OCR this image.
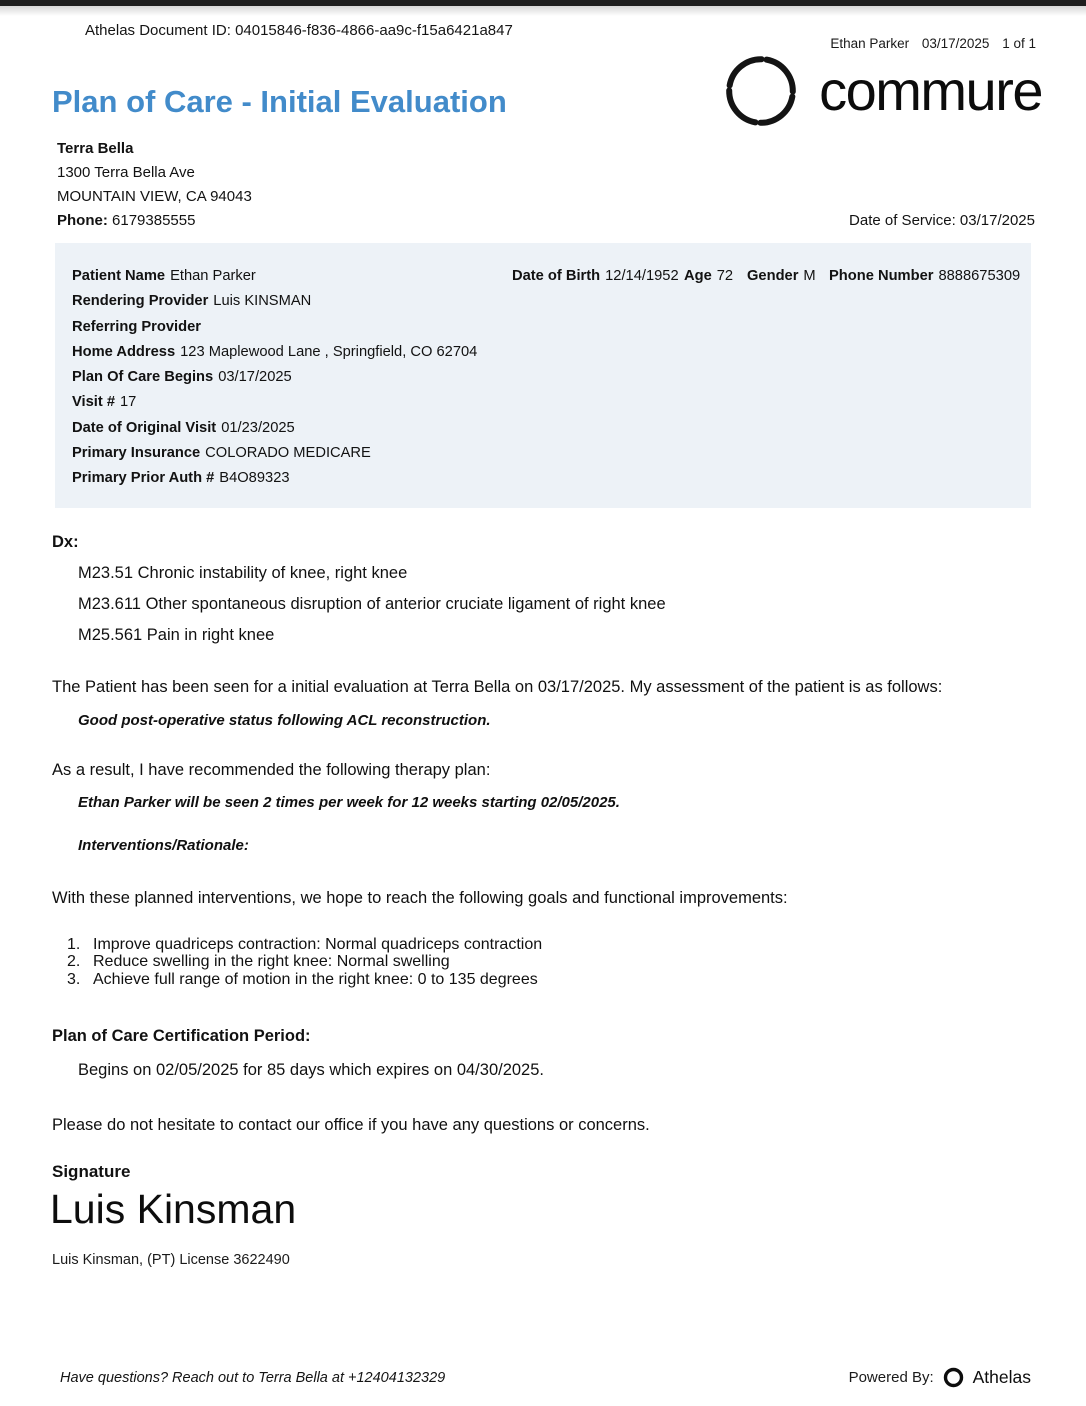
Athelas Document ID: 04015846-f836-4866-aa9c-f15a6421a847
Ethan Parker 03/17/2025 1 of 1
commure
Plan of Care - Initial Evaluation
Terra Bella
1300 Terra Bella Ave
MOUNTAIN VIEW, CA 94043
Phone: 6179385555	Date of Service: 03/17/2025
Patient Name Ethan Parker	Date of Birth 12/14/1952 Age 72 Gender M Phone Number 8888675309
Rendering Provider Luis KINSMAN
Referring Provider
Home Address 123 Maplewood Lane , Springfield, CO 62704
Plan Of Care Begins 03/17/2025
Visit # 17
Date of Original Visit 01/23/2025
Primary Insurance COLORADO MEDICARE
Primary Prior Auth # B4O89323
Dx:
M23.51 Chronic instability of knee, right knee
M23.611 Other spontaneous disruption of anterior cruciate ligament of right knee
M25.561 Pain in right knee

The Patient has been seen for a initial evaluation at Terra Bella on 03/17/2025. My assessment of the patient is as follows:

Good post-operative status following ACL reconstruction.

As a result, I have recommended the following therapy plan:

Ethan Parker will be seen 2 times per week for 12 weeks starting 02/05/2025.

Interventions/Rationale:

With these planned interventions, we hope to reach the following goals and functional improvements:

1. Improve quadriceps contraction: Normal quadriceps contraction
2. Reduce swelling in the right knee: Normal swelling
3. Achieve full range of motion in the right knee: 0 to 135 degrees
Plan of Care Certification Period:

Begins on 02/05/2025 for 85 days which expires on 04/30/2025.

Please do not hesitate to contact our office if you have any questions or concerns.

Signature
Luis Kinsman
Luis Kinsman, (PT) License 3622490
Have questions? Reach out to Terra Bella at +12404132329	Powered By: Athelas
